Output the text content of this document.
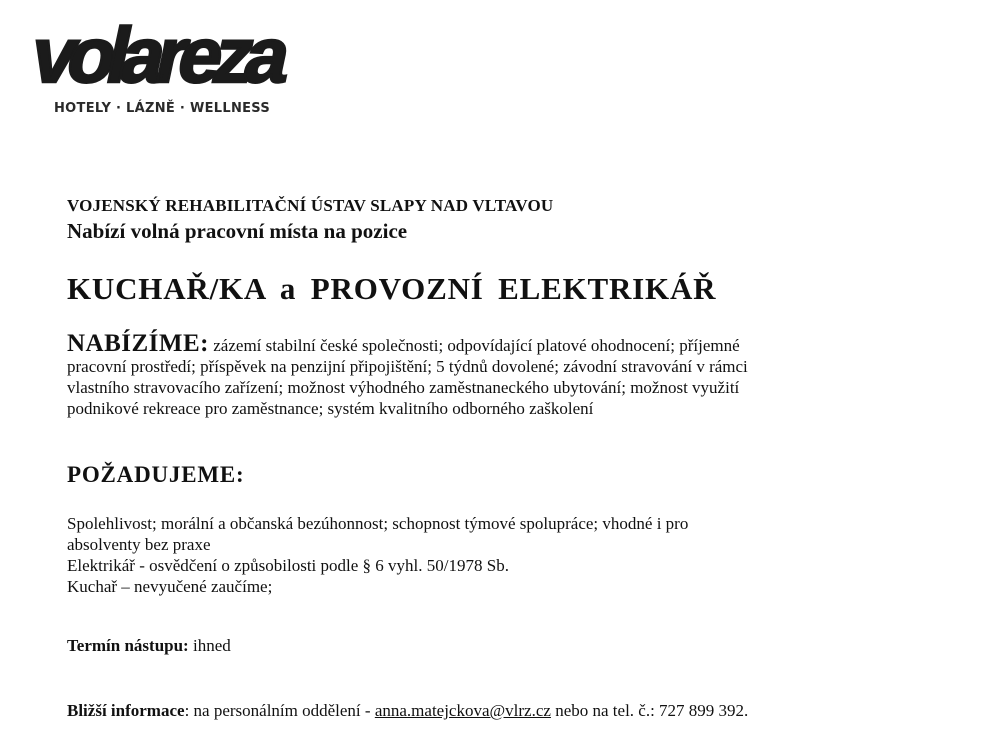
volareza
HOTELY · LÁZNĚ · WELLNESS
VOJENSKÝ REHABILITAČNÍ ÚSTAV SLAPY NAD VLTAVOU
Nabízí volná pracovní místa na pozice
KUCHAŘ/KA a PROVOZNÍ ELEKTRIKÁŘ
NABÍZÍME: zázemí stabilní české společnosti; odpovídající platové ohodnocení; příjemné
pracovní prostředí; příspěvek na penzijní připojištění; 5 týdnů dovolené; závodní stravování v rámci
vlastního stravovacího zařízení; možnost výhodného zaměstnaneckého ubytování; možnost využití
podnikové rekreace pro zaměstnance; systém kvalitního odborného zaškolení
POŽADUJEME:
Spolehlivost; morální a občanská bezúhonnost; schopnost týmové spolupráce; vhodné i pro
absolventy bez praxe
Elektrikář - osvědčení o způsobilosti podle § 6 vyhl. 50/1978 Sb.
Kuchař – nevyučené zaučíme;
Termín nástupu: ihned
Bližší informace: na personálním oddělení - anna.matejckova@vlrz.cz nebo na tel. č.: 727 899 392.
